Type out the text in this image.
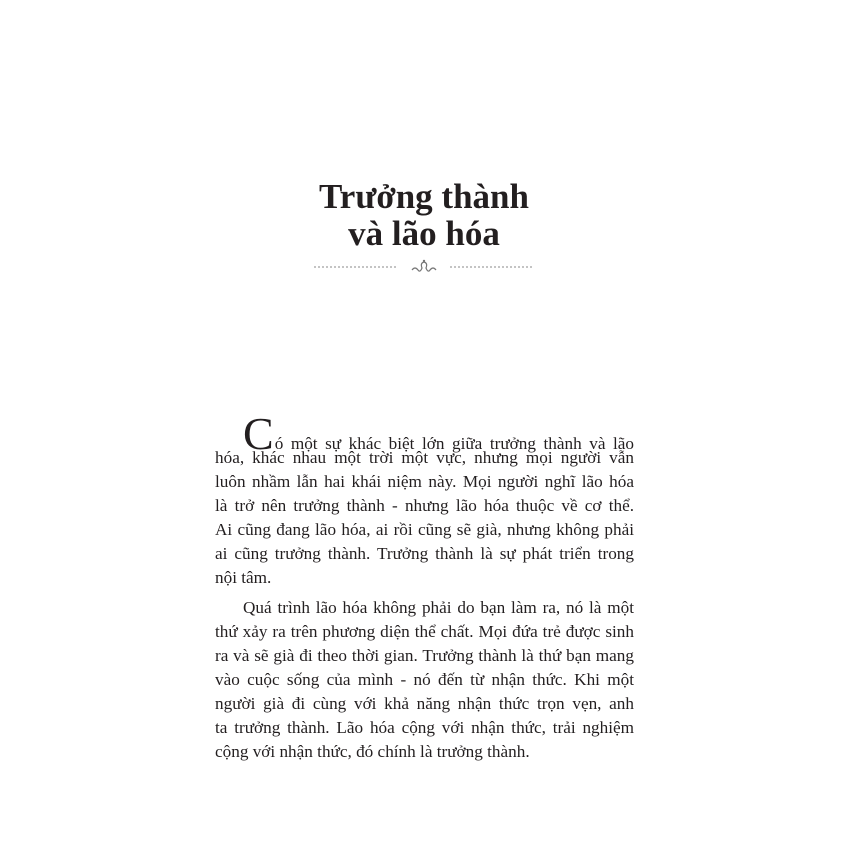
Trưởng thành
và lão hóa
Có một sự khác biệt lớn giữa trưởng thành và lão
hóa, khác nhau một trời một vực, nhưng mọi người vẫn
luôn nhầm lẫn hai khái niệm này. Mọi người nghĩ lão hóa
là trở nên trưởng thành - nhưng lão hóa thuộc về cơ thể.
Ai cũng đang lão hóa, ai rồi cũng sẽ già, nhưng không phải
ai cũng trưởng thành. Trưởng thành là sự phát triển trong
nội tâm.
Quá trình lão hóa không phải do bạn làm ra, nó là một
thứ xảy ra trên phương diện thể chất. Mọi đứa trẻ được sinh
ra và sẽ già đi theo thời gian. Trưởng thành là thứ bạn mang
vào cuộc sống của mình - nó đến từ nhận thức. Khi một
người già đi cùng với khả năng nhận thức trọn vẹn, anh
ta trưởng thành. Lão hóa cộng với nhận thức, trải nghiệm
cộng với nhận thức, đó chính là trưởng thành.
